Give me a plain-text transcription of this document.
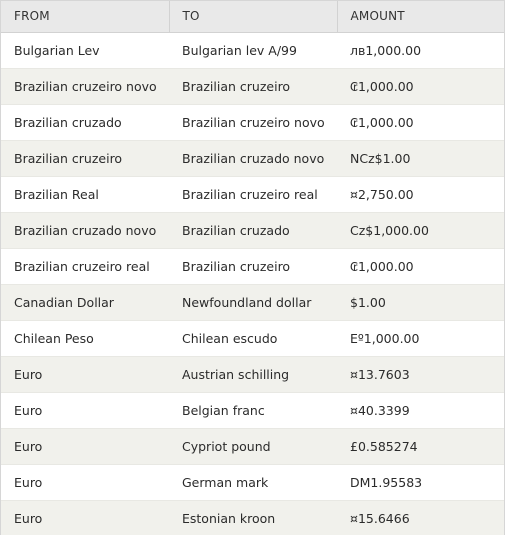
FROM	TO	AMOUNT
Bulgarian Lev	Bulgarian lev A/99	лв1,000.00
Brazilian cruzeiro novo	Brazilian cruzeiro	₢1,000.00
Brazilian cruzado	Brazilian cruzeiro novo	₢1,000.00
Brazilian cruzeiro	Brazilian cruzado novo	NCz$1.00
Brazilian Real	Brazilian cruzeiro real	¤2,750.00
Brazilian cruzado novo	Brazilian cruzado	Cz$1,000.00
Brazilian cruzeiro real	Brazilian cruzeiro	₢1,000.00
Canadian Dollar	Newfoundland dollar	$1.00
Chilean Peso	Chilean escudo	Eº1,000.00
Euro	Austrian schilling	¤13.7603
Euro	Belgian franc	¤40.3399
Euro	Cypriot pound	£0.585274
Euro	German mark	DM1.95583
Euro	Estonian kroon	¤15.6466
